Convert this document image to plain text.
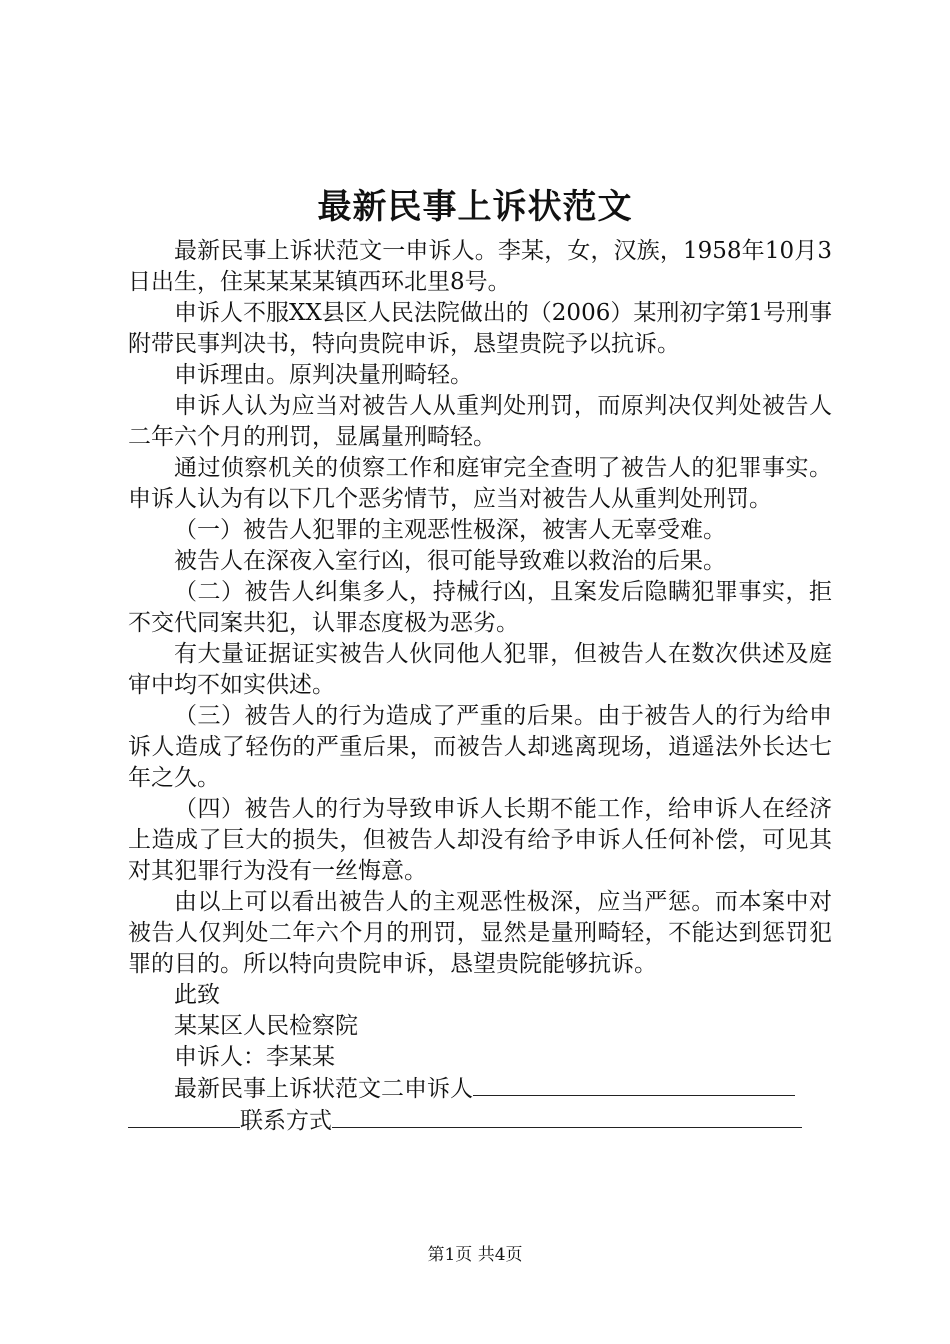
最新民事上诉状范文

最新民事上诉状范文一申诉人。李某，女，汉族，1958年10月3日出生，住某某某某镇西环北里8号。

申诉人不服XX县区人民法院做出的（2006）某刑初字第1号刑事附带民事判决书，特向贵院申诉，恳望贵院予以抗诉。

申诉理由。原判决量刑畸轻。

申诉人认为应当对被告人从重判处刑罚，而原判决仅判处被告人二年六个月的刑罚，显属量刑畸轻。

通过侦察机关的侦察工作和庭审完全查明了被告人的犯罪事实。申诉人认为有以下几个恶劣情节，应当对被告人从重判处刑罚。

（一）被告人犯罪的主观恶性极深，被害人无辜受难。

被告人在深夜入室行凶，很可能导致难以救治的后果。

（二）被告人纠集多人，持械行凶，且案发后隐瞒犯罪事实，拒不交代同案共犯，认罪态度极为恶劣。

有大量证据证实被告人伙同他人犯罪，但被告人在数次供述及庭审中均不如实供述。

（三）被告人的行为造成了严重的后果。由于被告人的行为给申诉人造成了轻伤的严重后果，而被告人却逃离现场，逍遥法外长达七年之久。

（四）被告人的行为导致申诉人长期不能工作，给申诉人在经济上造成了巨大的损失，但被告人却没有给予申诉人任何补偿，可见其对其犯罪行为没有一丝悔意。

由以上可以看出被告人的主观恶性极深，应当严惩。而本案中对被告人仅判处二年六个月的刑罚，显然是量刑畸轻，不能达到惩罚犯罪的目的。所以特向贵院申诉，恳望贵院能够抗诉。

此致

某某区人民检察院

申诉人：李某某

最新民事上诉状范文二申诉人

联系方式

第1页 共4页
